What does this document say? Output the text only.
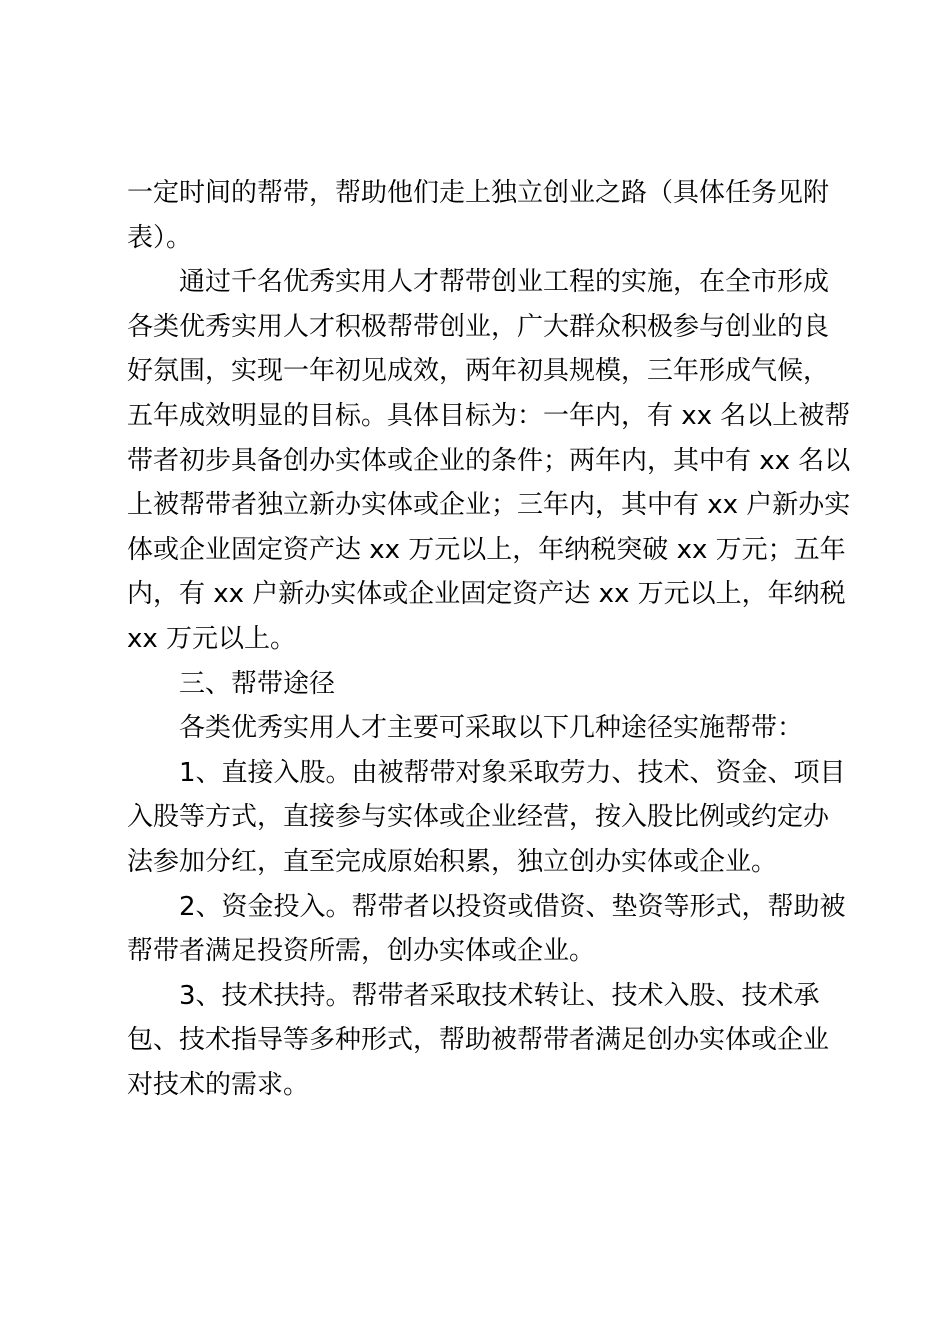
一定时间的帮带，帮助他们走上独立创业之路（具体任务见附
表）。
通过千名优秀实用人才帮带创业工程的实施，在全市形成
各类优秀实用人才积极帮带创业，广大群众积极参与创业的良
好氛围，实现一年初见成效，两年初具规模，三年形成气候，
五年成效明显的目标。具体目标为：一年内，有 xx 名以上被帮
带者初步具备创办实体或企业的条件；两年内，其中有 xx 名以
上被帮带者独立新办实体或企业；三年内，其中有 xx 户新办实
体或企业固定资产达 xx 万元以上，年纳税突破 xx 万元；五年
内，有 xx 户新办实体或企业固定资产达 xx 万元以上，年纳税
xx 万元以上。
三、帮带途径
各类优秀实用人才主要可采取以下几种途径实施帮带：
1、直接入股。由被帮带对象采取劳力、技术、资金、项目
入股等方式，直接参与实体或企业经营，按入股比例或约定办
法参加分红，直至完成原始积累，独立创办实体或企业。
2、资金投入。帮带者以投资或借资、垫资等形式，帮助被
帮带者满足投资所需，创办实体或企业。
3、技术扶持。帮带者采取技术转让、技术入股、技术承
包、技术指导等多种形式，帮助被帮带者满足创办实体或企业
对技术的需求。
